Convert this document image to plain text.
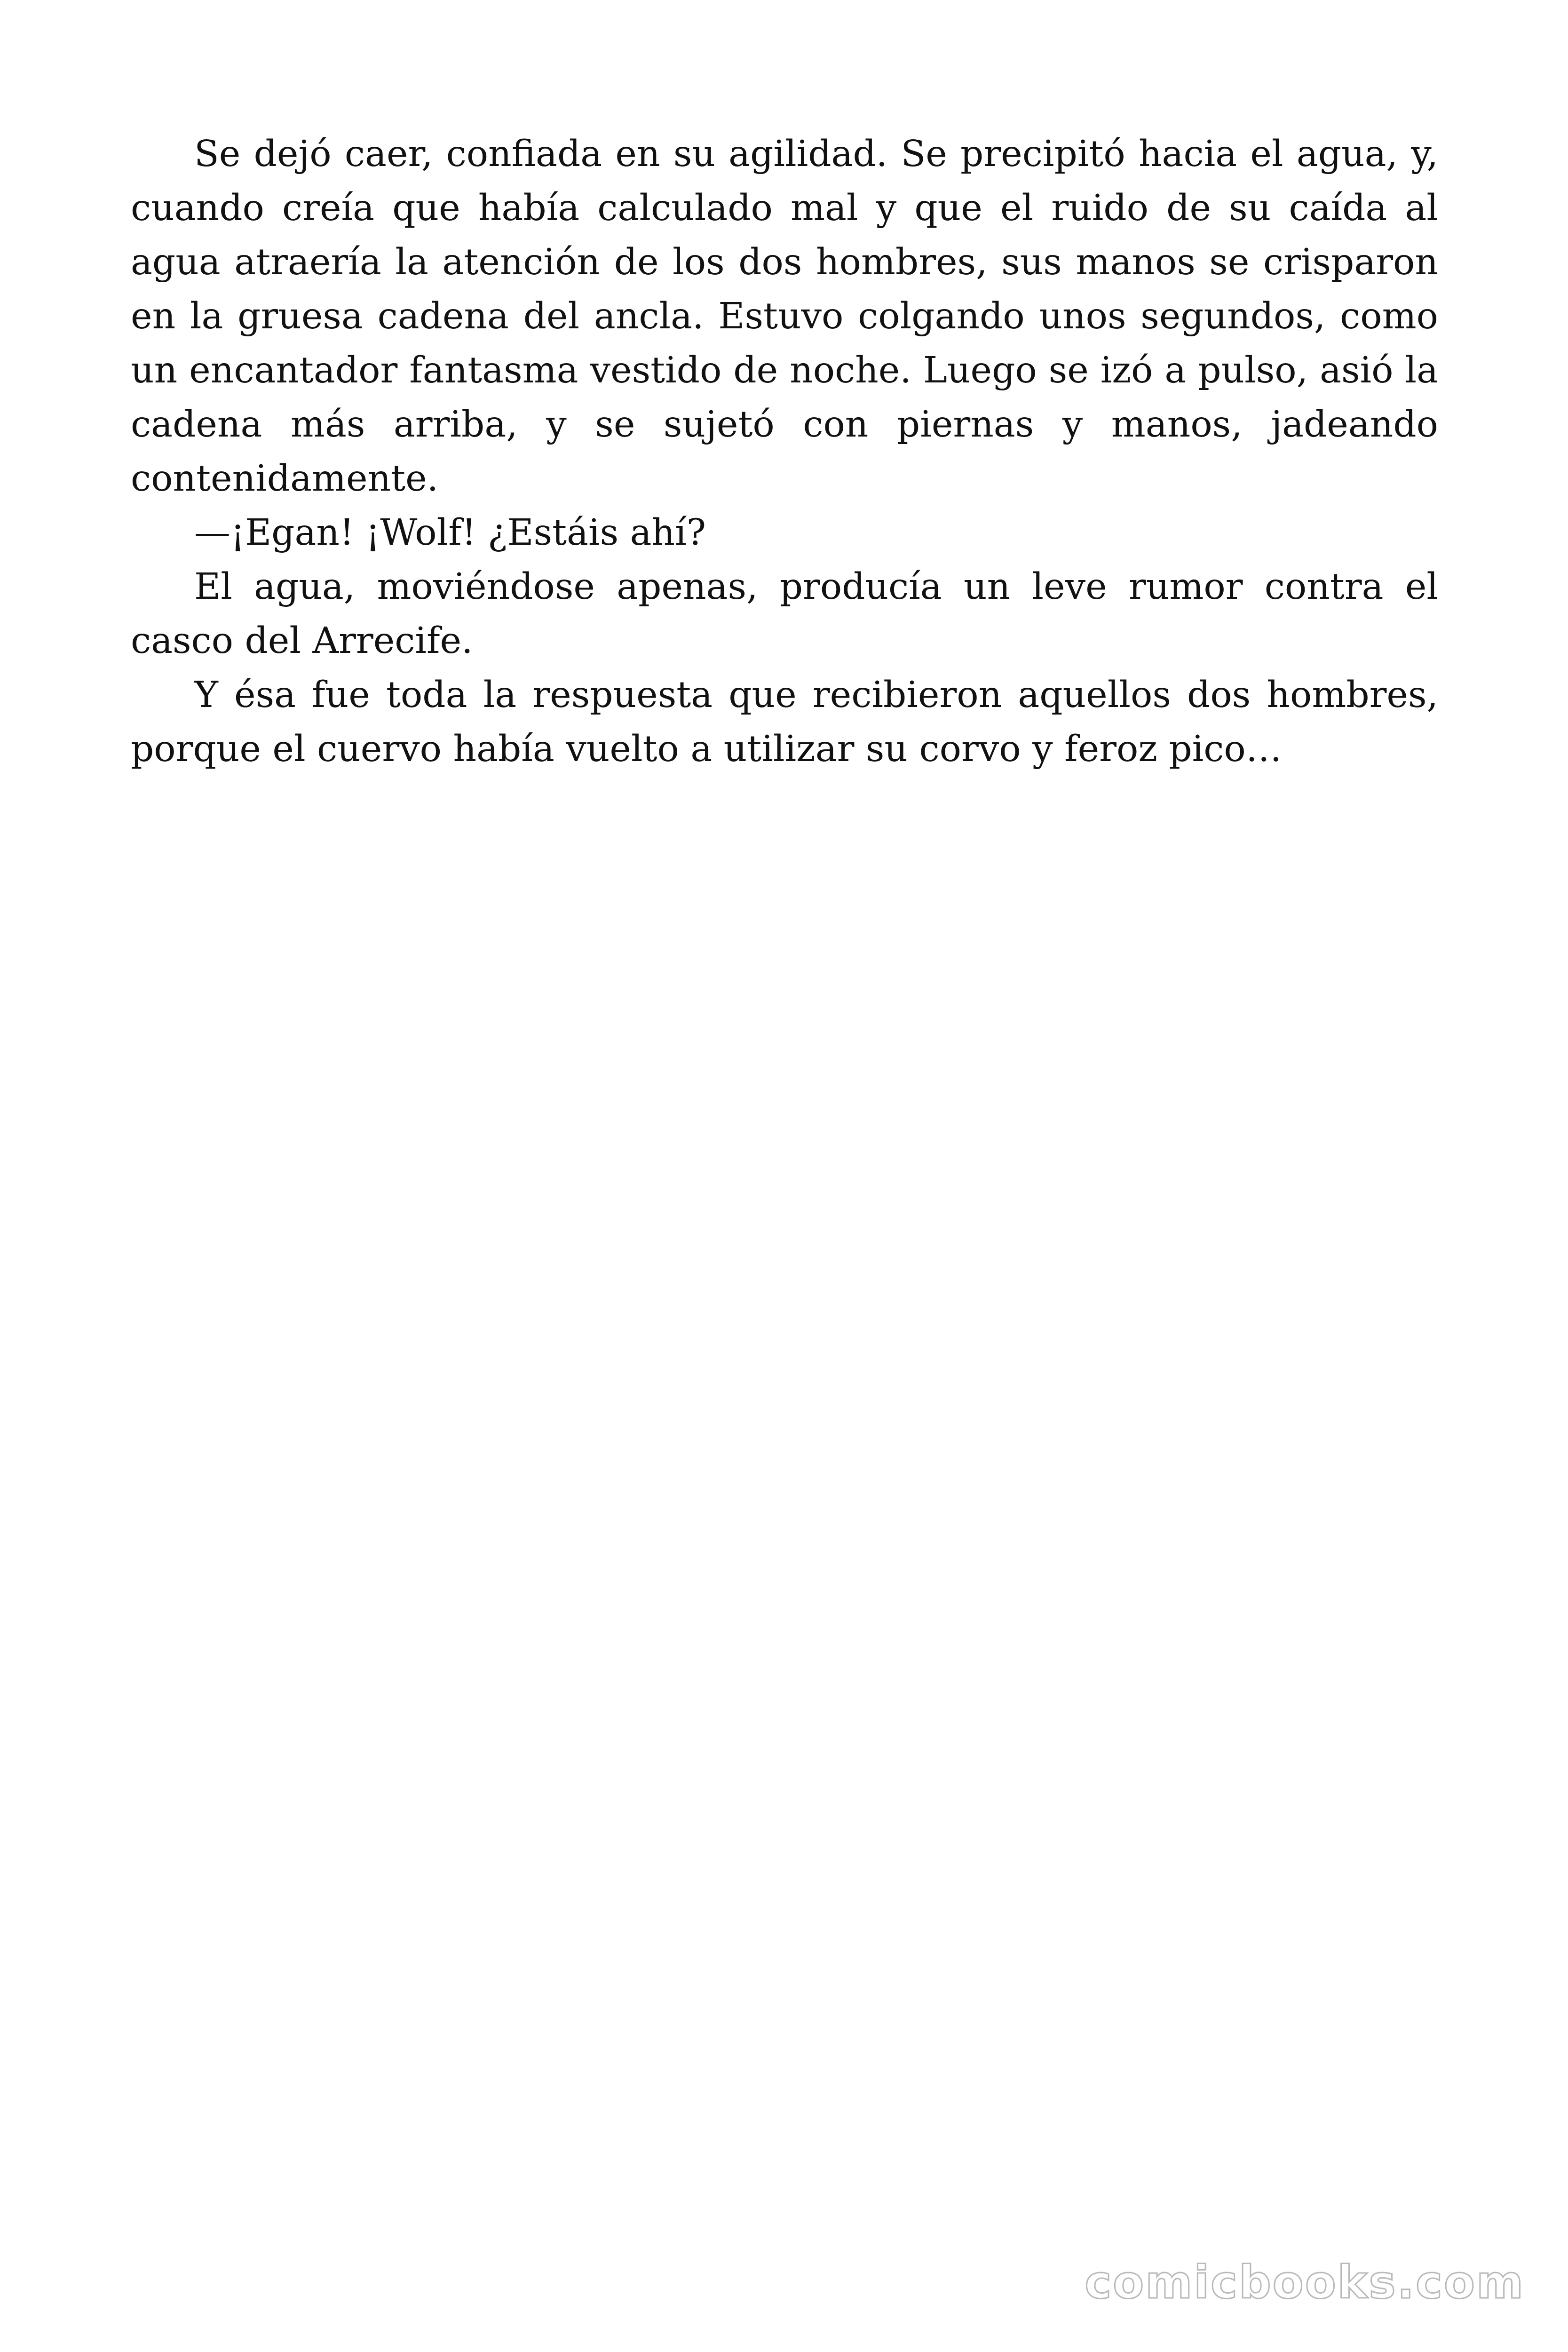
Se dejó caer, confiada en su agilidad. Se precipitó hacia el agua, y, cuando creía que había calculado mal y que el ruido de su caída al agua atraería la atención de los dos hombres, sus manos se crisparon en la gruesa cadena del ancla. Estuvo colgando unos segundos, como un encantador fantasma vestido de noche. Luego se izó a pulso, asió la cadena más arriba, y se sujetó con piernas y manos, jadeando contenidamente.

—¡Egan! ¡Wolf! ¿Estáis ahí?

El agua, moviéndose apenas, producía un leve rumor contra el casco del Arrecife.

Y ésa fue toda la respuesta que recibieron aquellos dos hombres, porque el cuervo había vuelto a utilizar su corvo y feroz pico…

comicbooks.com
